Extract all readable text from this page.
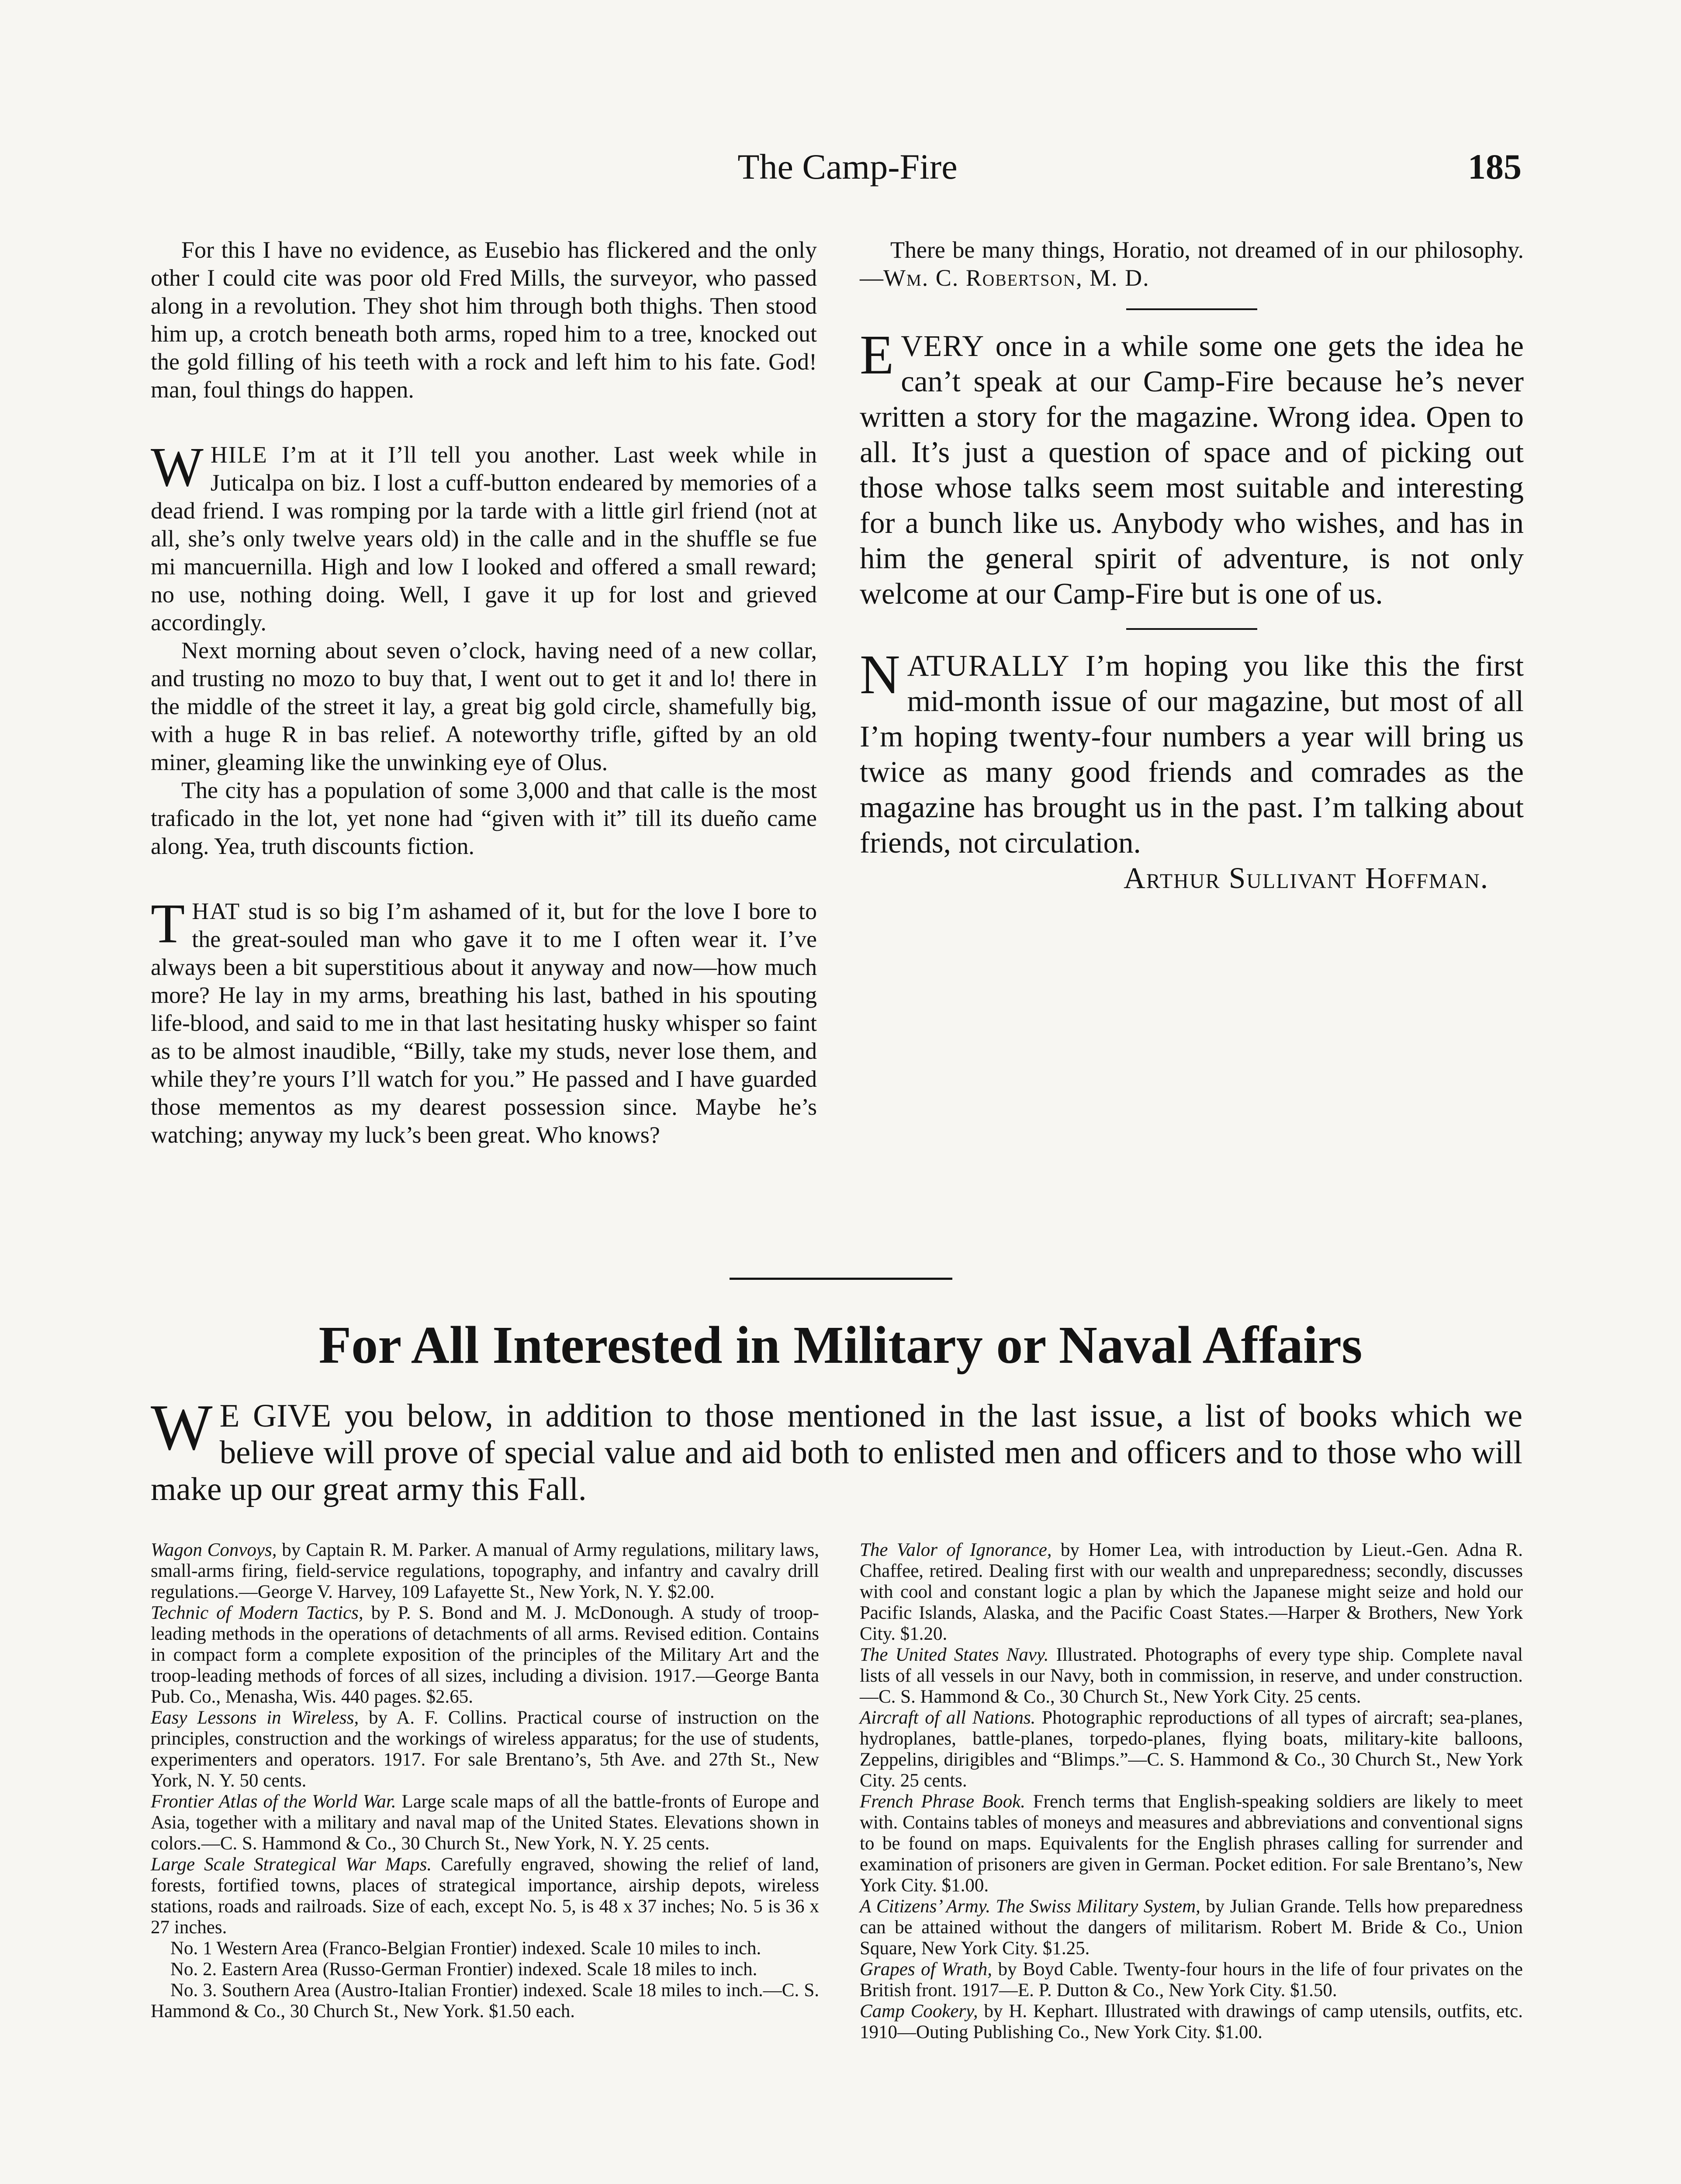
The Camp-Fire	185

For this I have no evidence, as Eusebio has flickered and the only other I could cite was poor old Fred Mills, the surveyor, who passed along in a revolution. They shot him through both thighs. Then stood him up, a crotch beneath both arms, roped him to a tree, knocked out the gold filling of his teeth with a rock and left him to his fate. God! man, foul things do happen.

WHILE I’m at it I’ll tell you another. Last week while in Juticalpa on biz. I lost a cuff-button endeared by memories of a dead friend. I was romping por la tarde with a little girl friend (not at all, she’s only twelve years old) in the calle and in the shuffle se fue mi mancuernilla. High and low I looked and offered a small reward; no use, nothing doing. Well, I gave it up for lost and grieved accordingly.

Next morning about seven o’clock, having need of a new collar, and trusting no mozo to buy that, I went out to get it and lo! there in the middle of the street it lay, a great big gold circle, shamefully big, with a huge R in bas relief. A noteworthy trifle, gifted by an old miner, gleaming like the unwinking eye of Olus.

The city has a population of some 3,000 and that calle is the most traficado in the lot, yet none had “given with it” till its dueño came along. Yea, truth discounts fiction.

THAT stud is so big I’m ashamed of it, but for the love I bore to the great-souled man who gave it to me I often wear it. I’ve always been a bit superstitious about it anyway and now—how much more? He lay in my arms, breathing his last, bathed in his spouting life-blood, and said to me in that last hesitating husky whisper so faint as to be almost inaudible, “Billy, take my studs, never lose them, and while they’re yours I’ll watch for you.” He passed and I have guarded those mementos as my dearest possession since. Maybe he’s watching; anyway my luck’s been great. Who knows?

There be many things, Horatio, not dreamed of in our philosophy.—Wm. C. Robertson, M. D.

EVERY once in a while some one gets the idea he can’t speak at our Camp-Fire because he’s never written a story for the magazine. Wrong idea. Open to all. It’s just a question of space and of picking out those whose talks seem most suitable and interesting for a bunch like us. Anybody who wishes, and has in him the general spirit of adventure, is not only welcome at our Camp-Fire but is one of us.

NATURALLY I’m hoping you like this the first mid-month issue of our magazine, but most of all I’m hoping twenty-four numbers a year will bring us twice as many good friends and comrades as the magazine has brought us in the past. I’m talking about friends, not circulation.

Arthur Sullivant Hoffman.

For All Interested in Military or Naval Affairs
W E GIVE you below, in addition to those mentioned in the last issue, a list of books which we believe will prove of special value and aid both to enlisted men and officers and to those who will make up our great army this Fall.

Wagon Convoys, by Captain R. M. Parker. A manual of Army regulations, military laws, small-arms firing, field-service regulations, topography, and infantry and cavalry drill regulations.—George V. Harvey, 109 Lafayette St., New York, N. Y. $2.00.

Technic of Modern Tactics, by P. S. Bond and M. J. McDonough. A study of troop-leading methods in the operations of detachments of all arms. Revised edition. Contains in compact form a complete exposition of the principles of the Military Art and the troop-leading methods of forces of all sizes, including a division. 1917.—George Banta Pub. Co., Menasha, Wis. 440 pages. $2.65.

Easy Lessons in Wireless, by A. F. Collins. Practical course of instruction on the principles, construction and the workings of wireless apparatus; for the use of students, experimenters and operators. 1917. For sale Brentano’s, 5th Ave. and 27th St., New York, N. Y. 50 cents.

Frontier Atlas of the World War. Large scale maps of all the battle-fronts of Europe and Asia, together with a military and naval map of the United States. Elevations shown in colors.—C. S. Hammond & Co., 30 Church St., New York, N. Y. 25 cents.

Large Scale Strategical War Maps. Carefully engraved, showing the relief of land, forests, fortified towns, places of strategical importance, airship depots, wireless stations, roads and railroads. Size of each, except No. 5, is 48 x 37 inches; No. 5 is 36 x 27 inches.

No. 1 Western Area (Franco-Belgian Frontier) indexed. Scale 10 miles to inch.

No. 2. Eastern Area (Russo-German Frontier) indexed. Scale 18 miles to inch.

No. 3. Southern Area (Austro-Italian Frontier) indexed. Scale 18 miles to inch.—C. S. Hammond & Co., 30 Church St., New York. $1.50 each.

The Valor of Ignorance, by Homer Lea, with introduction by Lieut.-Gen. Adna R. Chaffee, retired. Dealing first with our wealth and unpreparedness; secondly, discusses with cool and constant logic a plan by which the Japanese might seize and hold our Pacific Islands, Alaska, and the Pacific Coast States.—Harper & Brothers, New York City. $1.20.

The United States Navy. Illustrated. Photographs of every type ship. Complete naval lists of all vessels in our Navy, both in commission, in reserve, and under construction.—C. S. Hammond & Co., 30 Church St., New York City. 25 cents.

Aircraft of all Nations. Photographic reproductions of all types of aircraft; sea-planes, hydroplanes, battle-planes, torpedo-planes, flying boats, military-kite balloons, Zeppelins, dirigibles and “Blimps.”—C. S. Hammond & Co., 30 Church St., New York City. 25 cents.

French Phrase Book. French terms that English-speaking soldiers are likely to meet with. Contains tables of moneys and measures and abbreviations and conventional signs to be found on maps. Equivalents for the English phrases calling for surrender and examination of prisoners are given in German. Pocket edition. For sale Brentano’s, New York City. $1.00.

A Citizens’ Army. The Swiss Military System, by Julian Grande. Tells how preparedness can be attained without the dangers of militarism. Robert M. Bride & Co., Union Square, New York City. $1.25.

Grapes of Wrath, by Boyd Cable. Twenty-four hours in the life of four privates on the British front. 1917—E. P. Dutton & Co., New York City. $1.50.

Camp Cookery, by H. Kephart. Illustrated with drawings of camp utensils, outfits, etc. 1910—Outing Publishing Co., New York City. $1.00.
